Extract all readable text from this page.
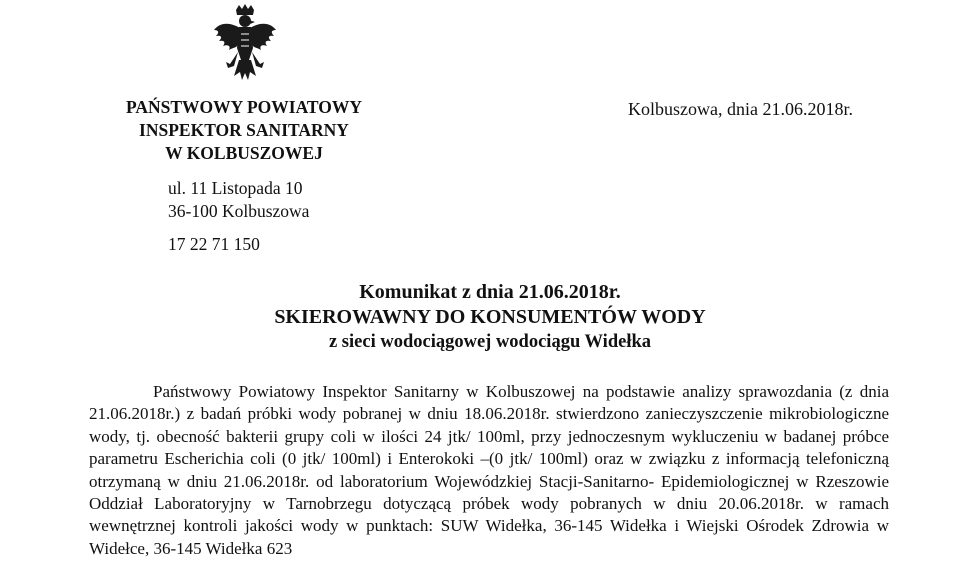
PAŃSTWOWY POWIATOWY
INSPEKTOR SANITARNY
W KOLBUSZOWEJ
ul. 11 Listopada 10
36-100 Kolbuszowa
17 22 71 150
Kolbuszowa, dnia 21.06.2018r.
Komunikat z dnia 21.06.2018r.
SKIEROWAWNY DO KONSUMENTÓW WODY
z sieci wodociągowej wodociągu Widełka

Państwowy Powiatowy Inspektor Sanitarny w Kolbuszowej na podstawie analizy sprawozdania (z dnia 21.06.2018r.) z badań próbki wody pobranej w dniu 18.06.2018r. stwierdzono zanieczyszczenie mikrobiologiczne wody, tj. obecność bakterii grupy coli w ilości 24 jtk/ 100ml, przy jednoczesnym wykluczeniu w badanej próbce parametru Escherichia coli (0 jtk/ 100ml) i Enterokoki –(0 jtk/ 100ml) oraz w związku z informacją telefoniczną otrzymaną w dniu 21.06.2018r. od laboratorium Wojewódzkiej Stacji-Sanitarno- Epidemiologicznej w Rzeszowie Oddział Laboratoryjny w Tarnobrzegu dotyczącą próbek wody pobranych w dniu 20.06.2018r. w ramach wewnętrznej kontroli jakości wody w punktach: SUW Widełka, 36-145 Widełka i Wiejski Ośrodek Zdrowia w Widełce, 36-145 Widełka 623
